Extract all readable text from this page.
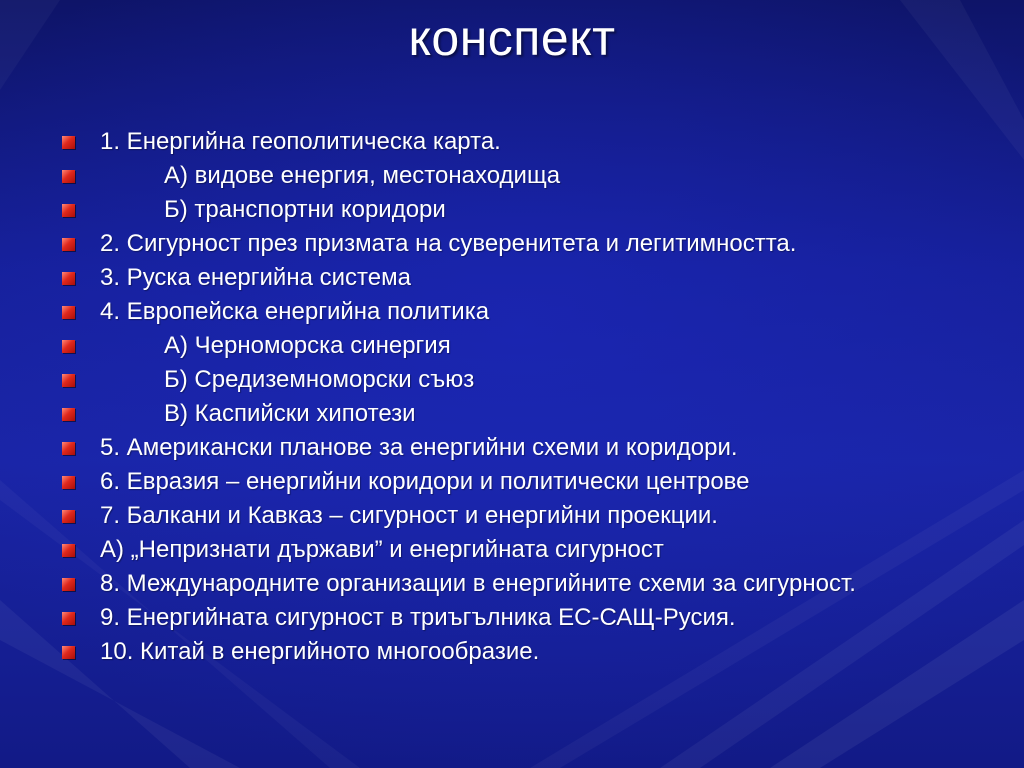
конспект
1. Енергийна геополитическа карта.
А) видове енергия, местонаходища
Б) транспортни коридори
2. Сигурност през призмата на суверенитета и легитимността.
3. Руска енергийна система
4. Европейска енергийна политика
А) Черноморска синергия
Б) Средиземноморски съюз
В) Каспийски хипотези
5. Американски планове за енергийни схеми и коридори.
6. Евразия – енергийни коридори и политически центрове
7. Балкани и Кавказ – сигурност и енергийни проекции.
А) „Непризнати държави” и енергийната сигурност
8. Международните организации в енергийните схеми за сигурност.
9. Енергийната сигурност в триъгълника ЕС-САЩ-Русия.
10. Китай в енергийното многообразие.
